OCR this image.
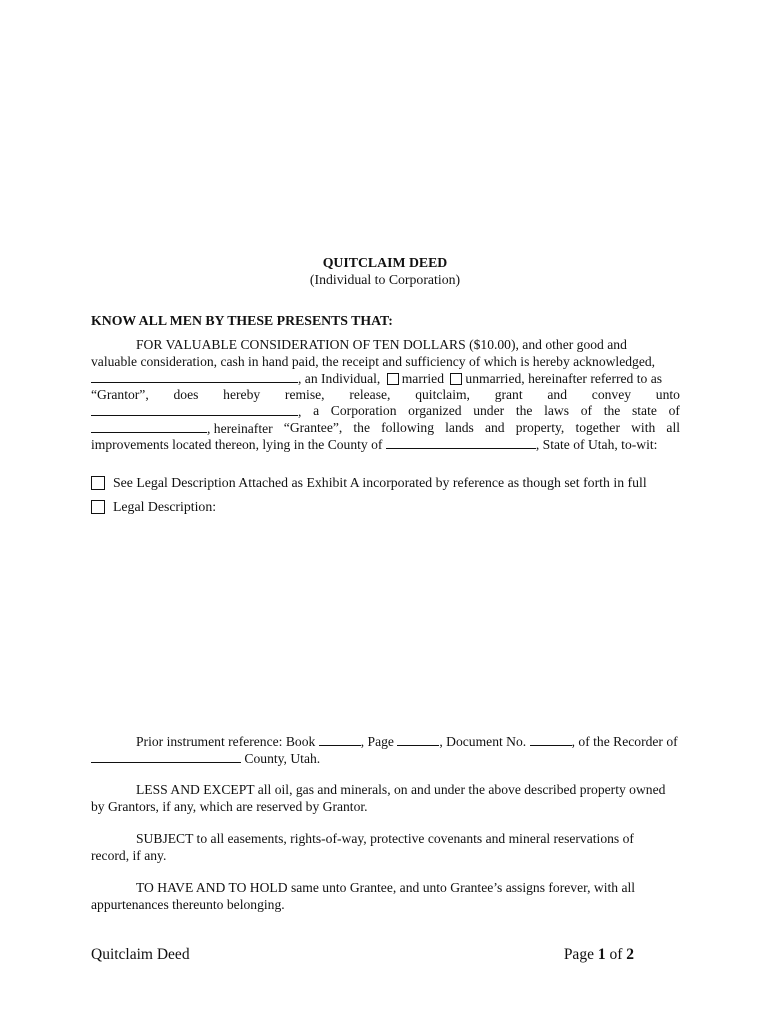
QUITCLAIM DEED
(Individual to Corporation)
KNOW ALL MEN BY THESE PRESENTS THAT:
FOR VALUABLE CONSIDERATION OF TEN DOLLARS ($10.00), and other good and
valuable consideration, cash in hand paid, the receipt and sufficiency of which is hereby acknowledged,
, an Individual, married unmarried, hereinafter referred to as
“Grantor”, does hereby remise, release, quitclaim, grant and convey unto
, a Corporation organized under the laws of the state of
, hereinafter “Grantee”, the following lands and property, together with all
improvements located thereon, lying in the County of	, State of Utah, to-wit:
See Legal Description Attached as Exhibit A incorporated by reference as though set forth in full
Legal Description:
Prior instrument reference: Book	, Page	, Document No.	, of the Recorder of
County, Utah.
LESS AND EXCEPT all oil, gas and minerals, on and under the above described property owned
by Grantors, if any, which are reserved by Grantor.
SUBJECT to all easements, rights-of-way, protective covenants and mineral reservations of
record, if any.
TO HAVE AND TO HOLD same unto Grantee, and unto Grantee’s assigns forever, with all
appurtenances thereunto belonging.
Quitclaim Deed	Page 1 of 2
